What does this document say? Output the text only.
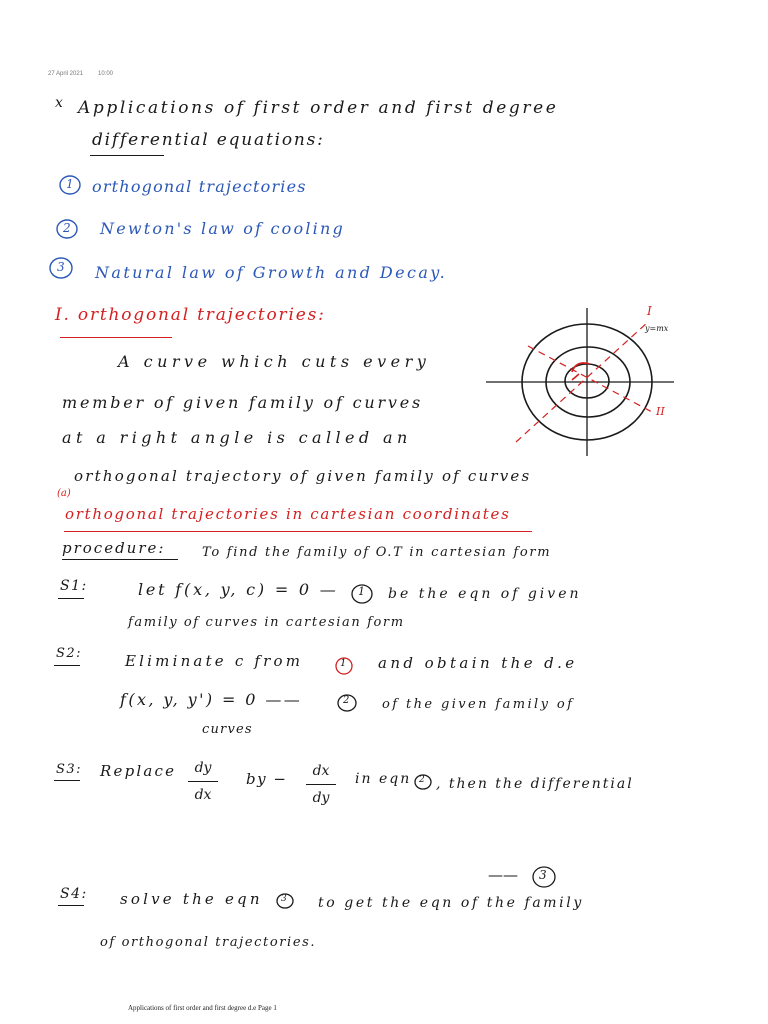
27 April 2021 10:00
x Applications of first order and first degree
differential equations:
1 orthogonal trajectories
2 Newton's law of cooling
3 Natural law of Growth and Decay.
I. orthogonal trajectories:
A curve which cuts every
member of given family of curves
at a right angle is called an
orthogonal trajectory of given family of curves
I
II
y=mx
(a)
orthogonal trajectories in cartesian coordinates
procedure:	To find the family of O.T in cartesian form
S1:	let f(x, y, c) = 0 — 1 be the eqn of given
family of curves in cartesian form
S2:	Eliminate c from	1 and obtain the d.e
f(x, y, y') = 0 ——	2	of the given family of
curves
S3: Replace	dy
dx
by −	dx
dy
in eqn 2 , then the differential
—— 3
S4: solve the eqn 3 to get the eqn of the family
of orthogonal trajectories.
Applications of first order and first degree d.e Page 1
